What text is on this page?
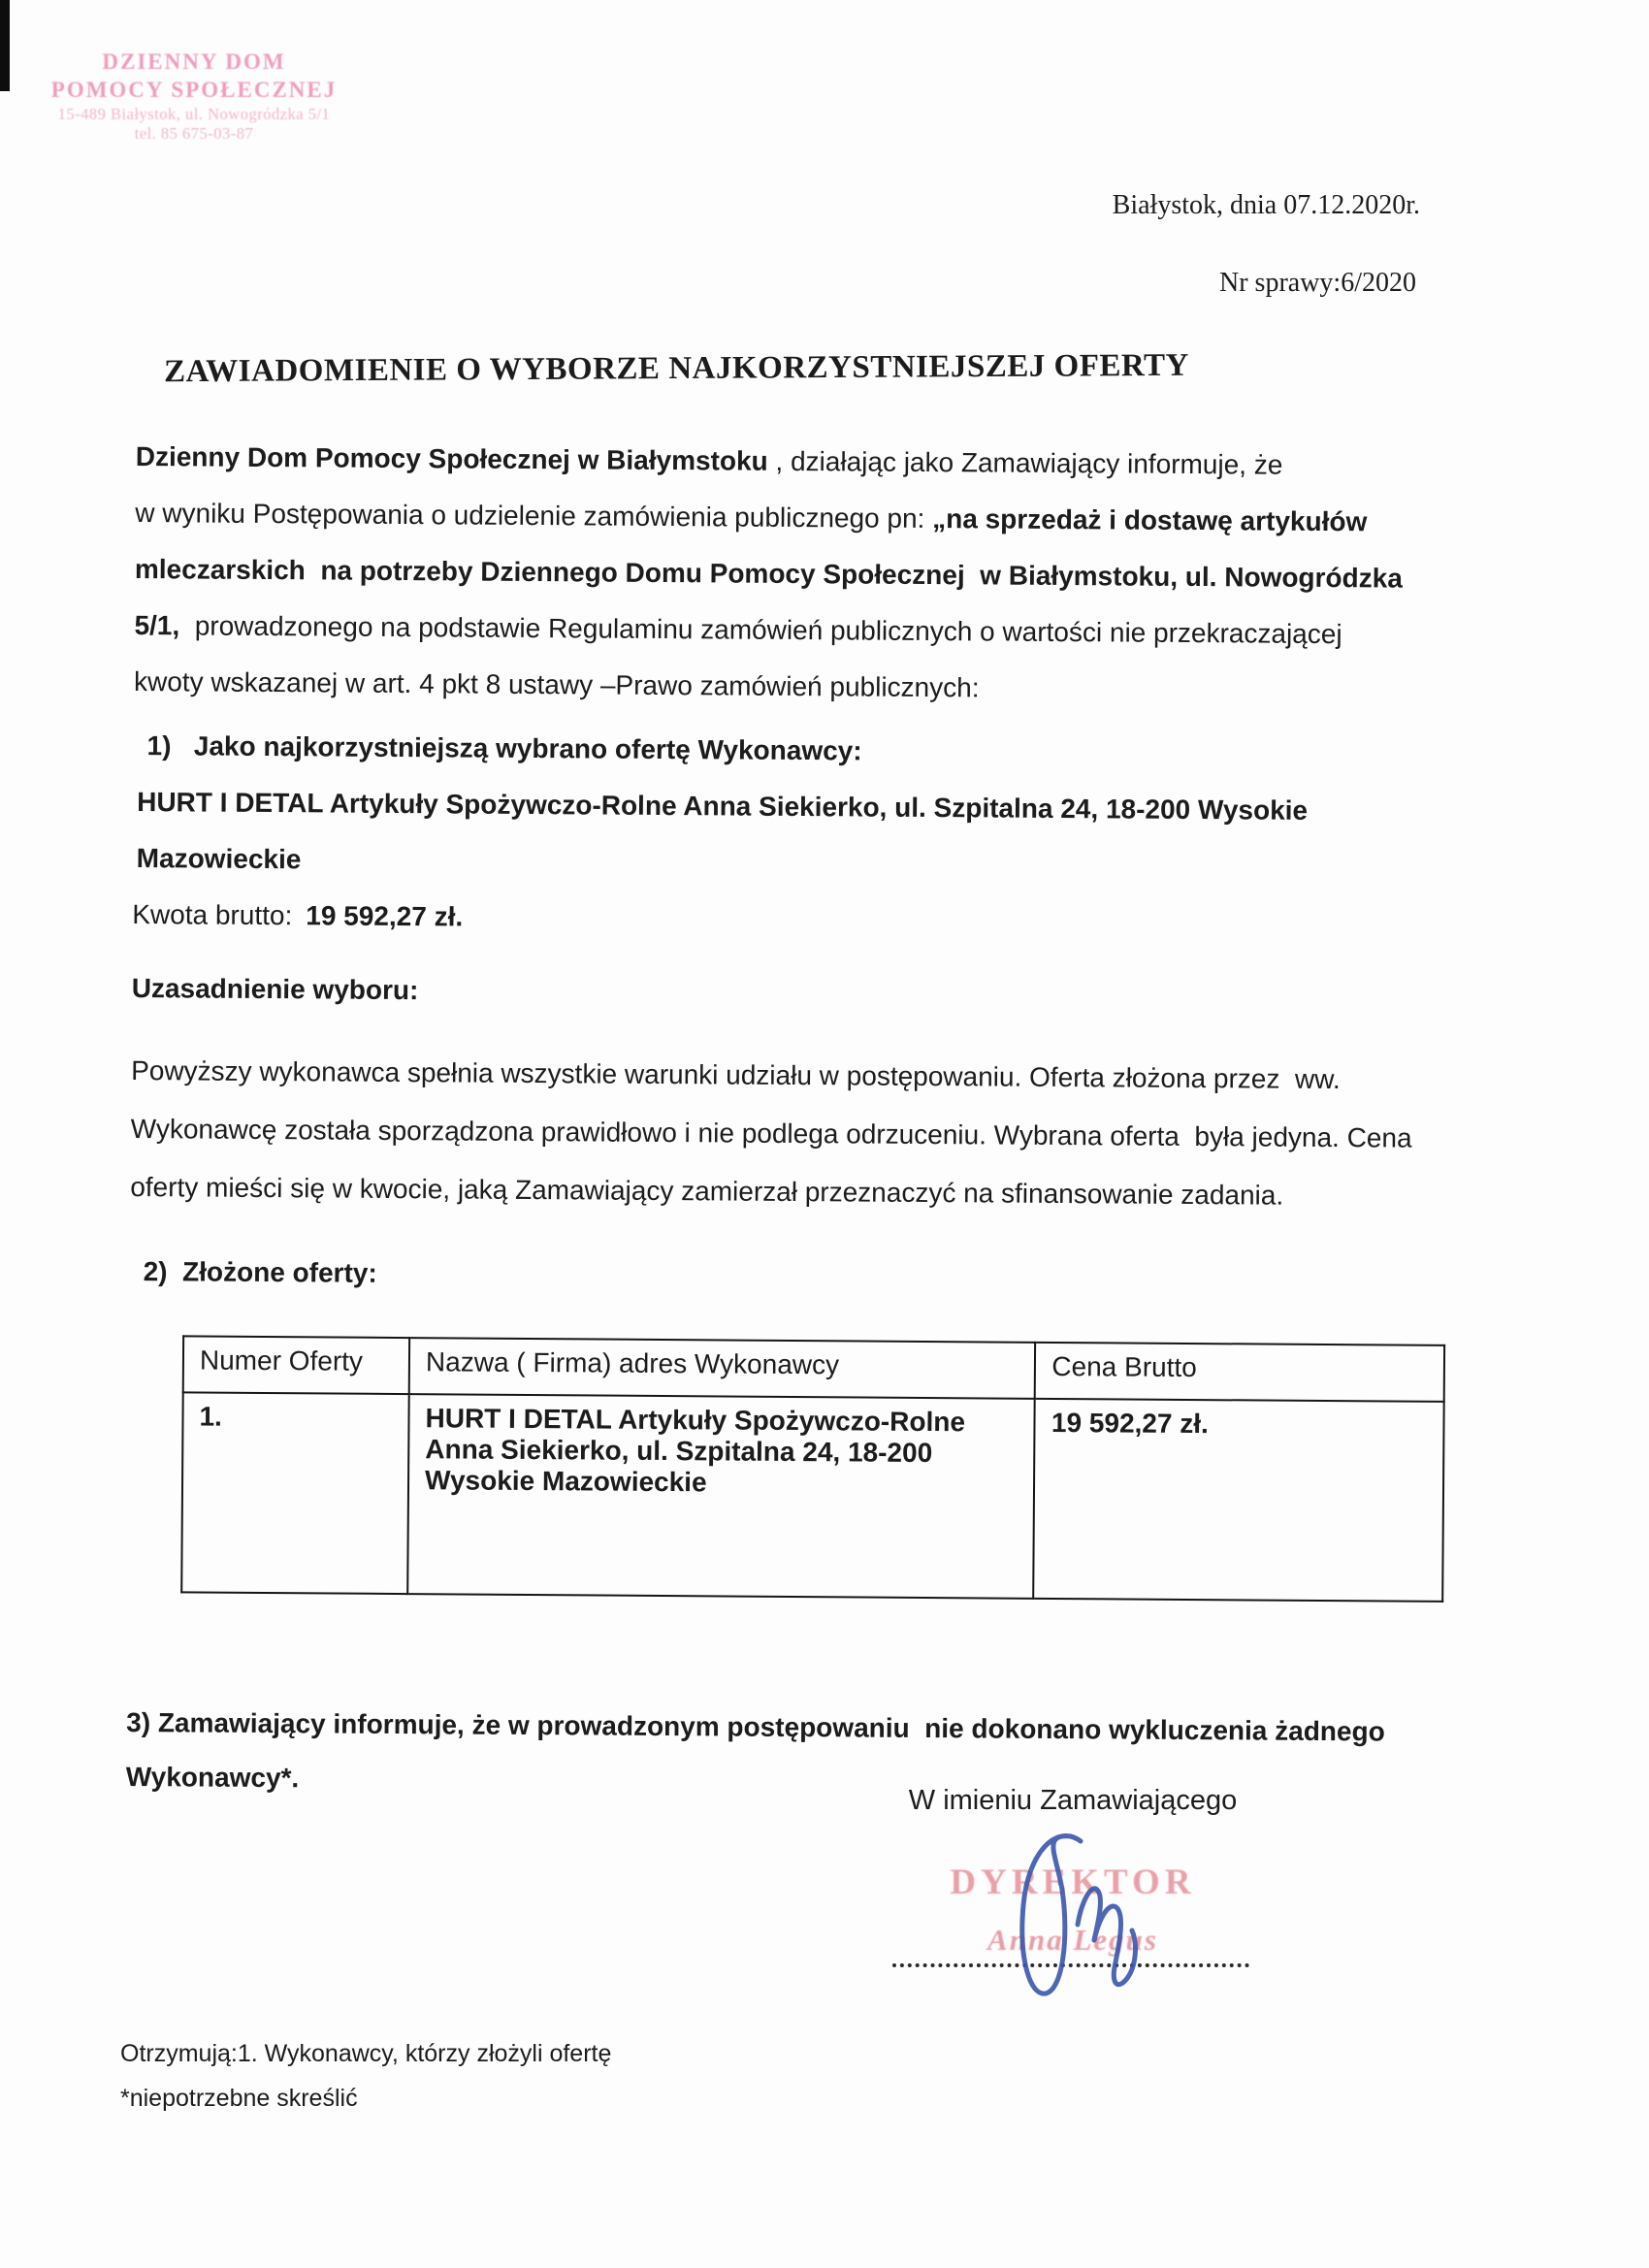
DZIENNY DOM
POMOCY SPOŁECZNEJ
15-489 Białystok, ul. Nowogródzka 5/1
tel. 85 675-03-87
Białystok, dnia 07.12.2020r.
Nr sprawy:6/2020
ZAWIADOMIENIE O WYBORZE NAJKORZYSTNIEJSZEJ OFERTY
Dzienny Dom Pomocy Społecznej w Białymstoku , działając jako Zamawiający informuje, że
w wyniku Postępowania o udzielenie zamówienia publicznego pn: „na sprzedaż i dostawę artykułów
mleczarskich  na potrzeby Dziennego Domu Pomocy Społecznej  w Białymstoku, ul. Nowogródzka
5/1,  prowadzonego na podstawie Regulaminu zamówień publicznych o wartości nie przekraczającej
kwoty wskazanej w art. 4 pkt 8 ustawy –Prawo zamówień publicznych:
1)   Jako najkorzystniejszą wybrano ofertę Wykonawcy:
HURT I DETAL Artykuły Spożywczo-Rolne Anna Siekierko, ul. Szpitalna 24, 18-200 Wysokie Mazowieckie
Kwota brutto: 19 592,27 zł.
Uzasadnienie wyboru:
Powyższy wykonawca spełnia wszystkie warunki udziału w postępowaniu. Oferta złożona przez  ww. Wykonawcę została sporządzona prawidłowo i nie podlega odrzuceniu. Wybrana oferta  była jedyna. Cena oferty mieści się w kwocie, jaką Zamawiający zamierzał przeznaczyć na sfinansowanie zadania.
2)  Złożone oferty:
Numer Oferty	Nazwa ( Firma) adres Wykonawcy	Cena Brutto
1.	HURT I DETAL Artykuły Spożywczo-Rolne Anna Siekierko, ul. Szpitalna 24, 18-200 Wysokie Mazowieckie	19 592,27 zł.
3) Zamawiający informuje, że w prowadzonym postępowaniu  nie dokonano wykluczenia żadnego Wykonawcy*.
W imieniu Zamawiającego
DYREKTOR
Anna Legus
Otrzymują:1. Wykonawcy, którzy złożyli ofertę
*niepotrzebne skreślić
